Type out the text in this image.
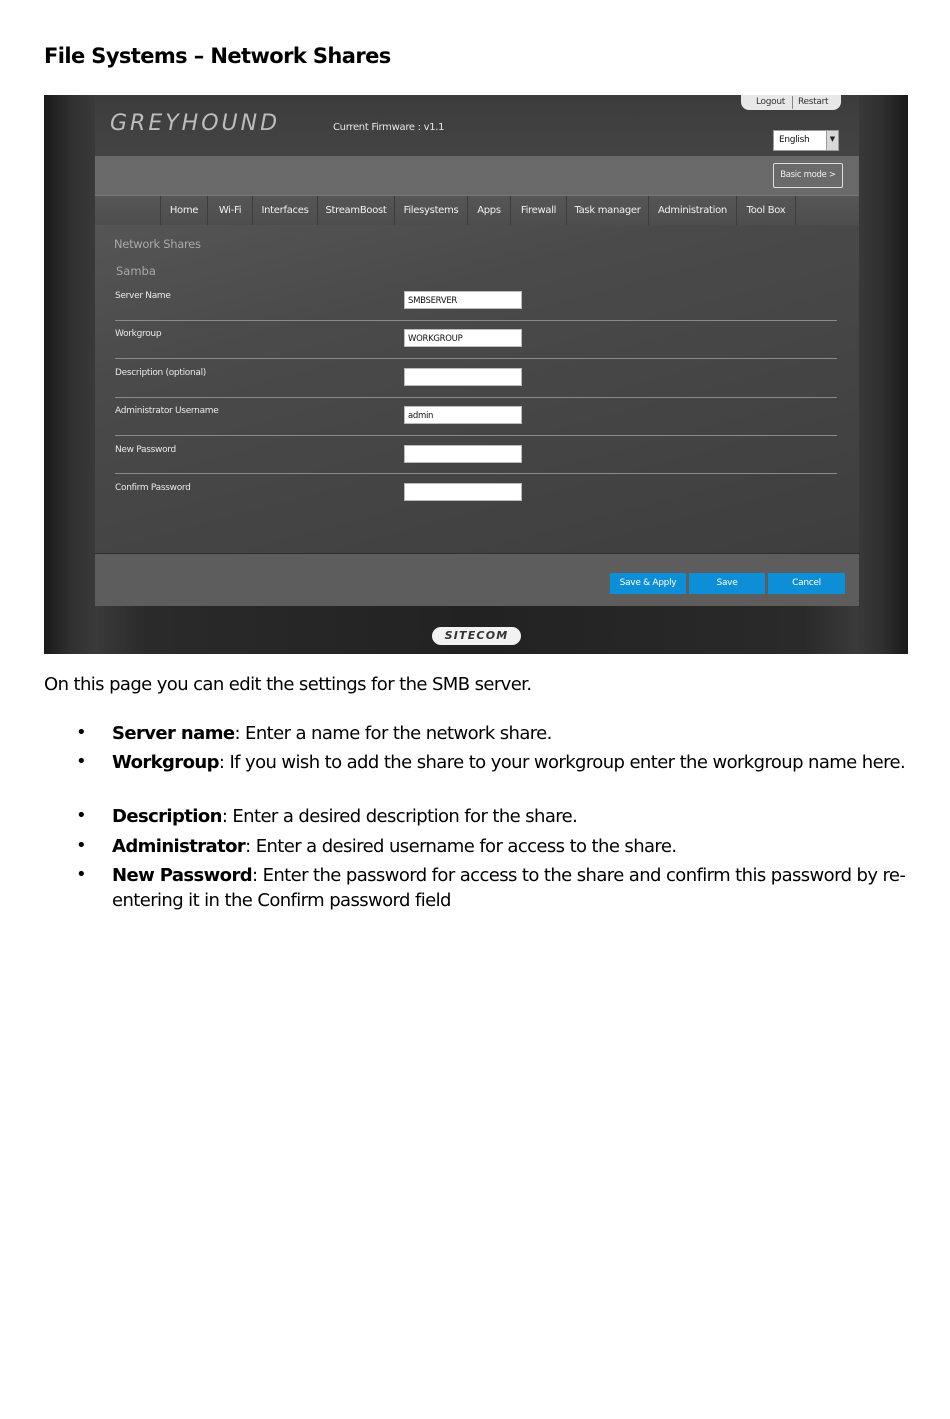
File Systems – Network Shares
GREYHOUND	Current Firmware : v1.1
Logout Restart
English	▼
Basic mode >
Home	Wi-Fi	Interfaces	StreamBoost	Filesystems	Apps	Firewall	Task manager	Administration	Tool Box
Network Shares
Samba
Server Name	SMBSERVER
Workgroup	WORKGROUP
Description (optional)
Administrator Username	admin
New Password
Confirm Password
Save & Apply	Save	Cancel
SITECOM
On this page you can edit the settings for the SMB server.
• Server name: Enter a name for the network share.
• Workgroup: If you wish to add the share to your workgroup enter the workgroup name here.
• Description: Enter a desired description for the share.
• Administrator: Enter a desired username for access to the share.
• New Password: Enter the password for access to the share and confirm this password by re-entering it in the Confirm password field
